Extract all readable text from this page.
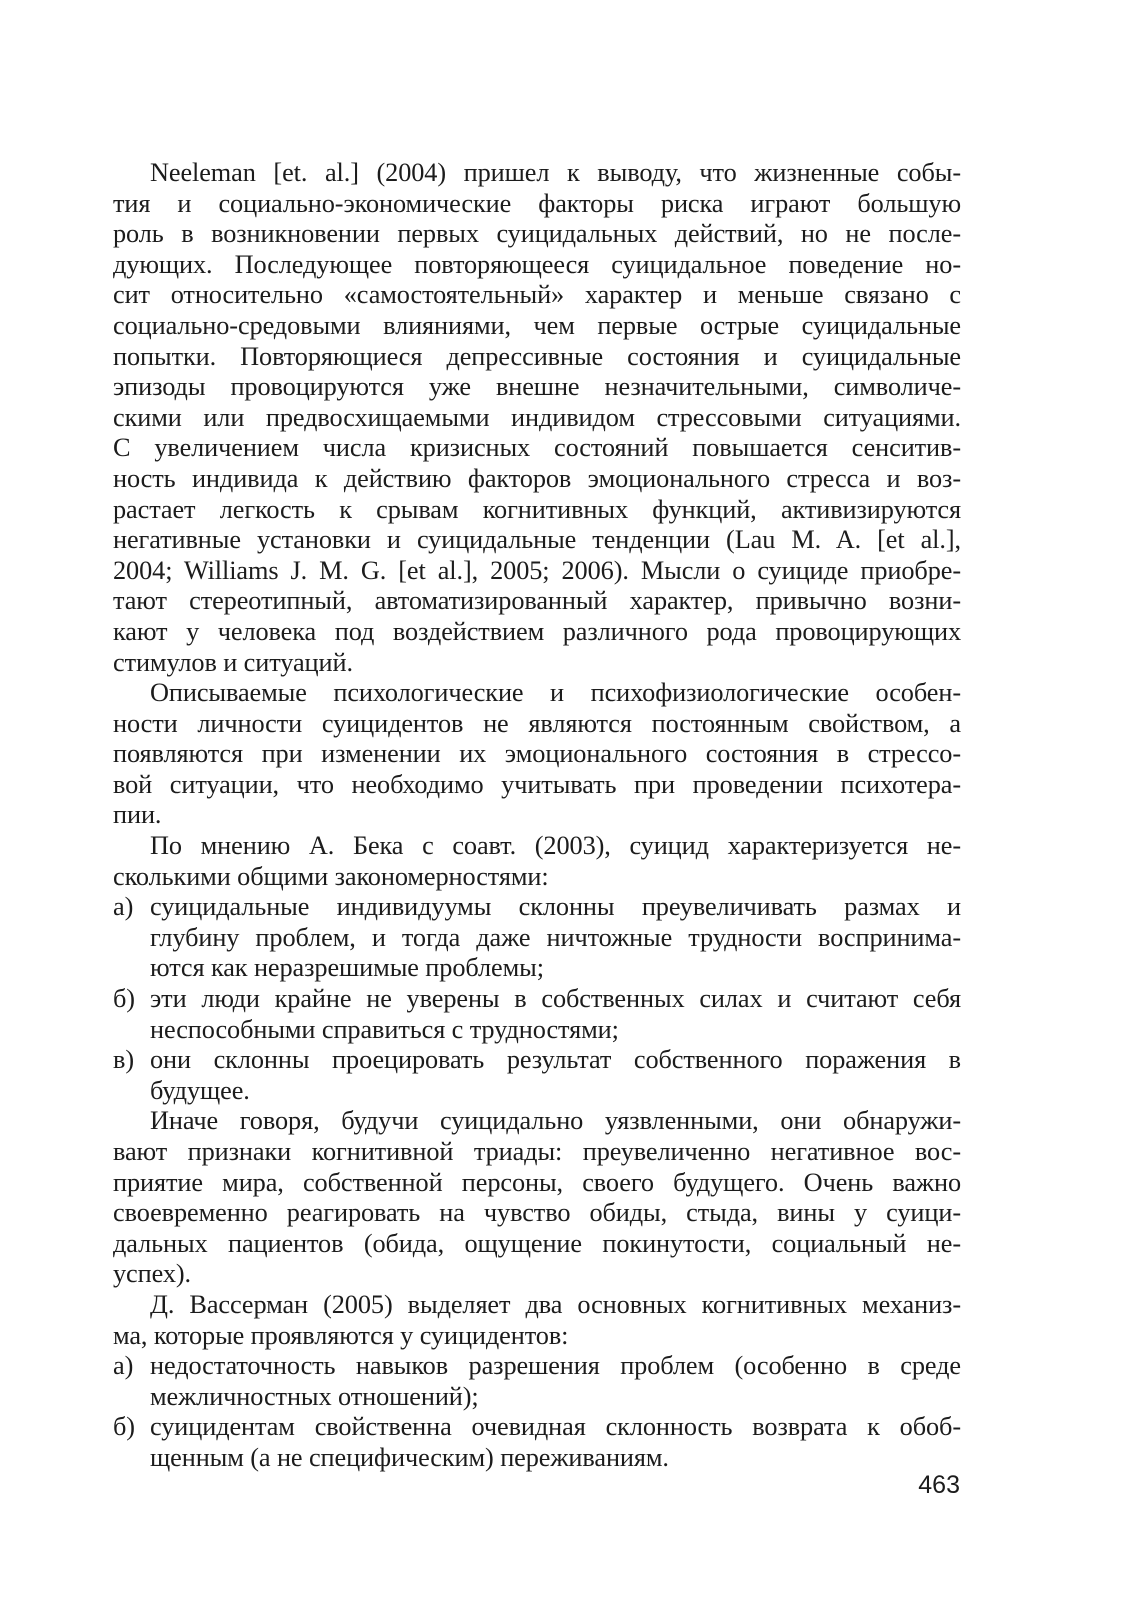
Neeleman [et. al.] (2004) пришел к выводу, что жизненные собы-
тия и социально-экономические факторы риска играют большую
роль в возникновении первых суицидальных действий, но не после-
дующих. Последующее повторяющееся суицидальное поведение но-
сит относительно «самостоятельный» характер и меньше связано с
социально-средовыми влияниями, чем первые острые суицидальные
попытки. Повторяющиеся депрессивные состояния и суицидальные
эпизоды провоцируются уже внешне незначительными, символиче-
скими или предвосхищаемыми индивидом стрессовыми ситуациями.
С увеличением числа кризисных состояний повышается сенситив-
ность индивида к действию факторов эмоционального стресса и воз-
растает легкость к срывам когнитивных функций, активизируются
негативные установки и суицидальные тенденции (Lau M. A. [et al.],
2004; Williams J. M. G. [et al.], 2005; 2006). Мысли о суициде приобре-
тают стереотипный, автоматизированный характер, привычно возни-
кают у человека под воздействием различного рода провоцирующих
стимулов и ситуаций.
Описываемые психологические и психофизиологические особен-
ности личности суицидентов не являются постоянным свойством, а
появляются при изменении их эмоционального состояния в стрессо-
вой ситуации, что необходимо учитывать при проведении психотера-
пии.
По мнению А. Бека с соавт. (2003), суицид характеризуется не-
сколькими общими закономерностями:
а) суицидальные индивидуумы склонны преувеличивать размах и
глубину проблем, и тогда даже ничтожные трудности воспринима-
ются как неразрешимые проблемы;
б) эти люди крайне не уверены в собственных силах и считают себя
неспособными справиться с трудностями;
в) они склонны проецировать результат собственного поражения в
будущее.
Иначе говоря, будучи суицидально уязвленными, они обнаружи-
вают признаки когнитивной триады: преувеличенно негативное вос-
приятие мира, собственной персоны, своего будущего. Очень важно
своевременно реагировать на чувство обиды, стыда, вины у суици-
дальных пациентов (обида, ощущение покинутости, социальный не-
успех).
Д. Вассерман (2005) выделяет два основных когнитивных механиз-
ма, которые проявляются у суицидентов:
а) недостаточность навыков разрешения проблем (особенно в среде
межличностных отношений);
б) суицидентам свойственна очевидная склонность возврата к обоб-
щенным (а не специфическим) переживаниям.
463
